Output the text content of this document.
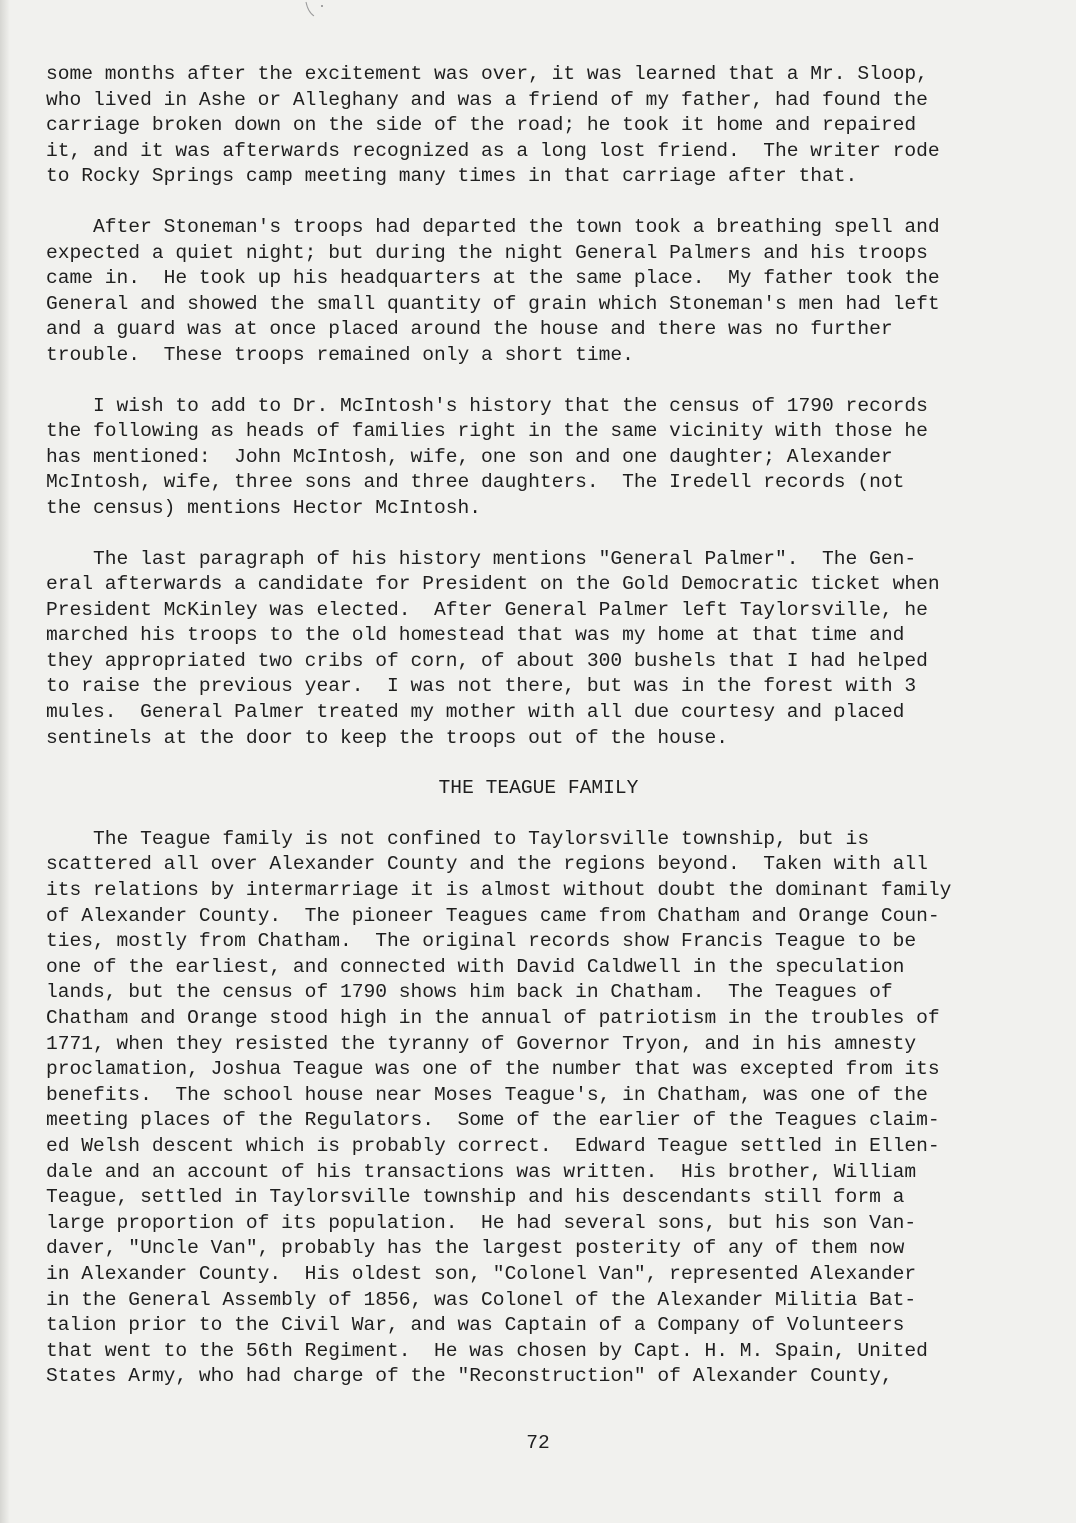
some months after the excitement was over, it was learned that a Mr. Sloop,
who lived in Ashe or Alleghany and was a friend of my father, had found the
carriage broken down on the side of the road; he took it home and repaired
it, and it was afterwards recognized as a long lost friend.  The writer rode
to Rocky Springs camp meeting many times in that carriage after that.

After Stoneman's troops had departed the town took a breathing spell and
expected a quiet night; but during the night General Palmers and his troops
came in.  He took up his headquarters at the same place.  My father took the
General and showed the small quantity of grain which Stoneman's men had left
and a guard was at once placed around the house and there was no further
trouble.  These troops remained only a short time.

I wish to add to Dr. McIntosh's history that the census of 1790 records
the following as heads of families right in the same vicinity with those he
has mentioned:  John McIntosh, wife, one son and one daughter; Alexander
McIntosh, wife, three sons and three daughters.  The Iredell records (not
the census) mentions Hector McIntosh.

The last paragraph of his history mentions "General Palmer".  The Gen-
eral afterwards a candidate for President on the Gold Democratic ticket when
President McKinley was elected.  After General Palmer left Taylorsville, he
marched his troops to the old homestead that was my home at that time and
they appropriated two cribs of corn, of about 300 bushels that I had helped
to raise the previous year.  I was not there, but was in the forest with 3
mules.  General Palmer treated my mother with all due courtesy and placed
sentinels at the door to keep the troops out of the house.

THE TEAGUE FAMILY

The Teague family is not confined to Taylorsville township, but is
scattered all over Alexander County and the regions beyond.  Taken with all
its relations by intermarriage it is almost without doubt the dominant family
of Alexander County.  The pioneer Teagues came from Chatham and Orange Coun-
ties, mostly from Chatham.  The original records show Francis Teague to be
one of the earliest, and connected with David Caldwell in the speculation
lands, but the census of 1790 shows him back in Chatham.  The Teagues of
Chatham and Orange stood high in the annual of patriotism in the troubles of
1771, when they resisted the tyranny of Governor Tryon, and in his amnesty
proclamation, Joshua Teague was one of the number that was excepted from its
benefits.  The school house near Moses Teague's, in Chatham, was one of the
meeting places of the Regulators.  Some of the earlier of the Teagues claim-
ed Welsh descent which is probably correct.  Edward Teague settled in Ellen-
dale and an account of his transactions was written.  His brother, William
Teague, settled in Taylorsville township and his descendants still form a
large proportion of its population.  He had several sons, but his son Van-
daver, "Uncle Van", probably has the largest posterity of any of them now
in Alexander County.  His oldest son, "Colonel Van", represented Alexander
in the General Assembly of 1856, was Colonel of the Alexander Militia Bat-
talion prior to the Civil War, and was Captain of a Company of Volunteers
that went to the 56th Regiment.  He was chosen by Capt. H. M. Spain, United
States Army, who had charge of the "Reconstruction" of Alexander County,

72
